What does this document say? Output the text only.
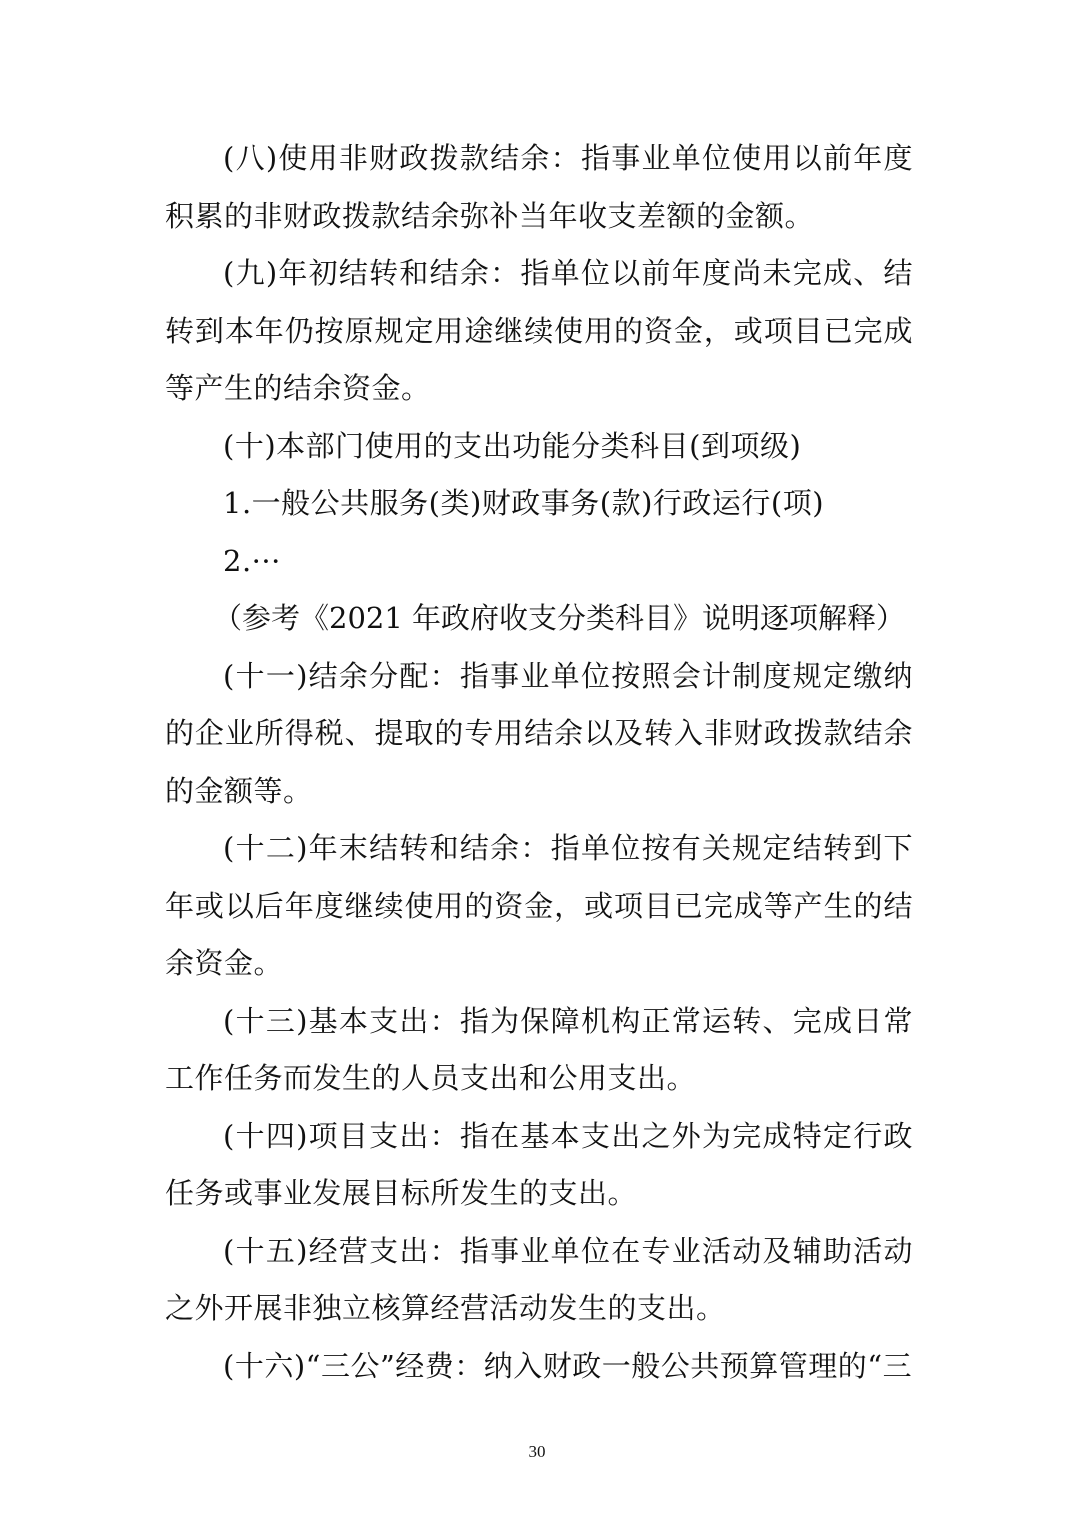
(八)使用非财政拨款结余：指事业单位使用以前年度积累的非财政拨款结余弥补当年收支差额的金额。

(九)年初结转和结余：指单位以前年度尚未完成、结转到本年仍按原规定用途继续使用的资金，或项目已完成等产生的结余资金。

(十)本部门使用的支出功能分类科目(到项级)

1.一般公共服务(类)财政事务(款)行政运行(项)

2.···

（参考《2021 年政府收支分类科目》说明逐项解释）

(十一)结余分配：指事业单位按照会计制度规定缴纳的企业所得税、提取的专用结余以及转入非财政拨款结余的金额等。

(十二)年末结转和结余：指单位按有关规定结转到下年或以后年度继续使用的资金，或项目已完成等产生的结余资金。

(十三)基本支出：指为保障机构正常运转、完成日常工作任务而发生的人员支出和公用支出。

(十四)项目支出：指在基本支出之外为完成特定行政任务或事业发展目标所发生的支出。

(十五)经营支出：指事业单位在专业活动及辅助活动之外开展非独立核算经营活动发生的支出。

(十六)“三公”经费：纳入财政一般公共预算管理的“三

30
